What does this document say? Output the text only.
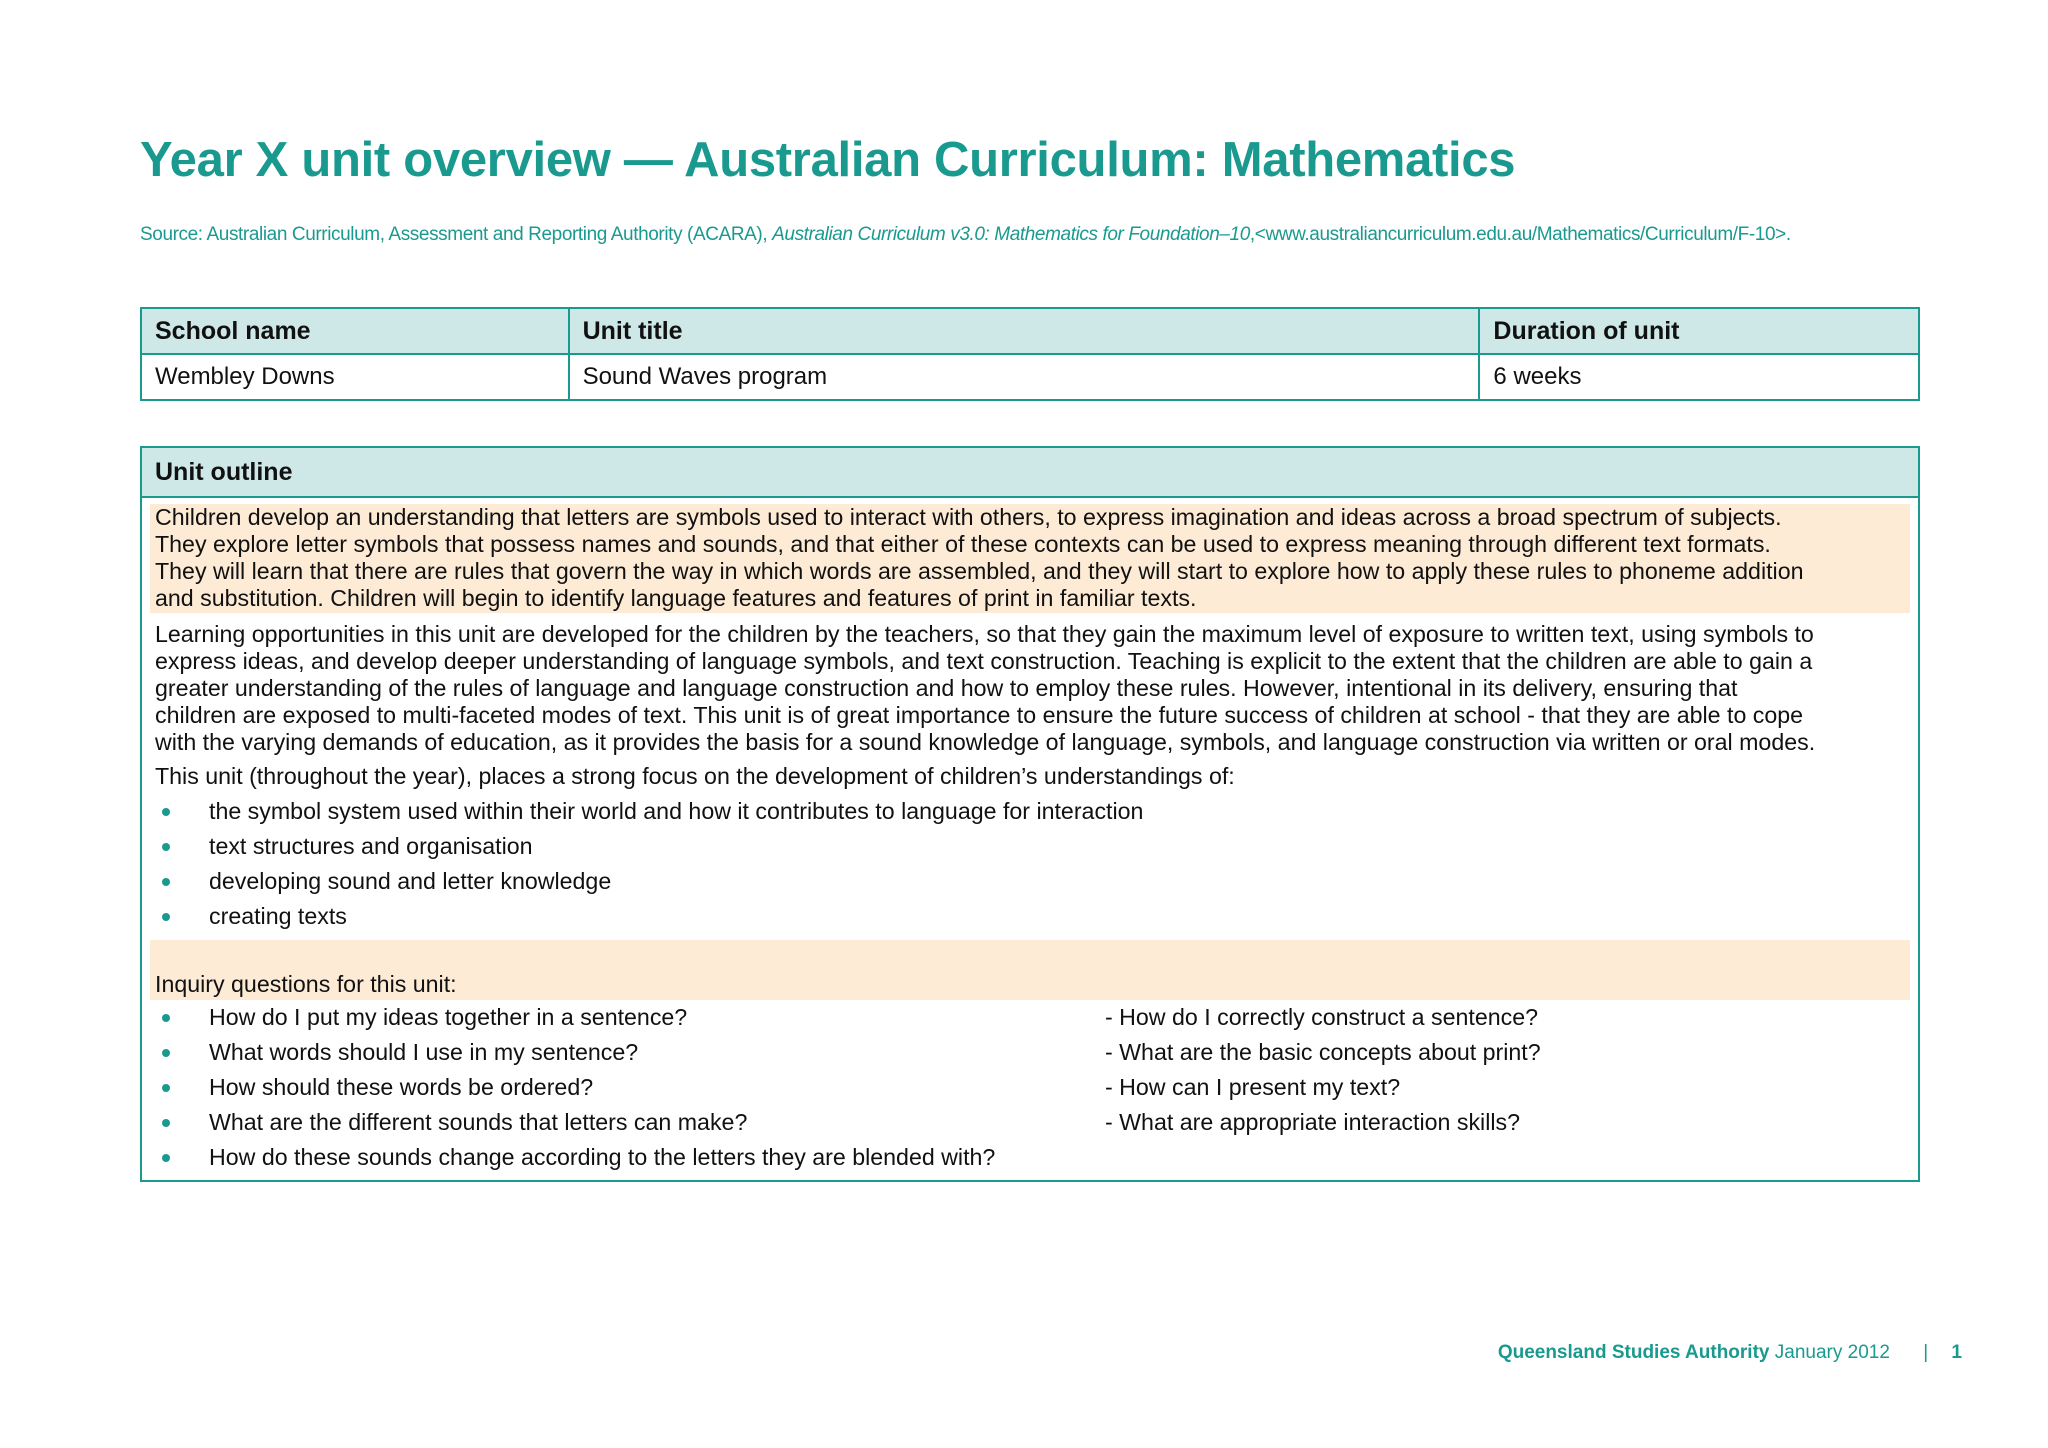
Year X unit overview — Australian Curriculum: Mathematics
Source: Australian Curriculum, Assessment and Reporting Authority (ACARA), Australian Curriculum v3.0: Mathematics for Foundation–10,<www.australiancurriculum.edu.au/Mathematics/Curriculum/F-10>.
School name	Unit title	Duration of unit
Wembley Downs	Sound Waves program	6 weeks
Unit outline
Children develop an understanding that letters are symbols used to interact with others, to express imagination and ideas across a broad spectrum of subjects.
They explore letter symbols that possess names and sounds, and that either of these contexts can be used to express meaning through different text formats.
They will learn that there are rules that govern the way in which words are assembled, and they will start to explore how to apply these rules to phoneme addition
and substitution. Children will begin to identify language features and features of print in familiar texts.
Learning opportunities in this unit are developed for the children by the teachers, so that they gain the maximum level of exposure to written text, using symbols to
express ideas, and develop deeper understanding of language symbols, and text construction. Teaching is explicit to the extent that the children are able to gain a
greater understanding of the rules of language and language construction and how to employ these rules. However, intentional in its delivery, ensuring that
children are exposed to multi-faceted modes of text. This unit is of great importance to ensure the future success of children at school - that they are able to cope
with the varying demands of education, as it provides the basis for a sound knowledge of language, symbols, and language construction via written or oral modes.
This unit (throughout the year), places a strong focus on the development of children’s understandings of:
the symbol system used within their world and how it contributes to language for interaction
text structures and organisation
developing sound and letter knowledge
creating texts
Inquiry questions for this unit:
How do I put my ideas together in a sentence?	- How do I correctly construct a sentence?
What words should I use in my sentence?	- What are the basic concepts about print?
How should these words be ordered?	- How can I present my text?
What are the different sounds that letters can make?	- What are appropriate interaction skills?
How do these sounds change according to the letters they are blended with?
Queensland Studies Authority January 2012 | 1
